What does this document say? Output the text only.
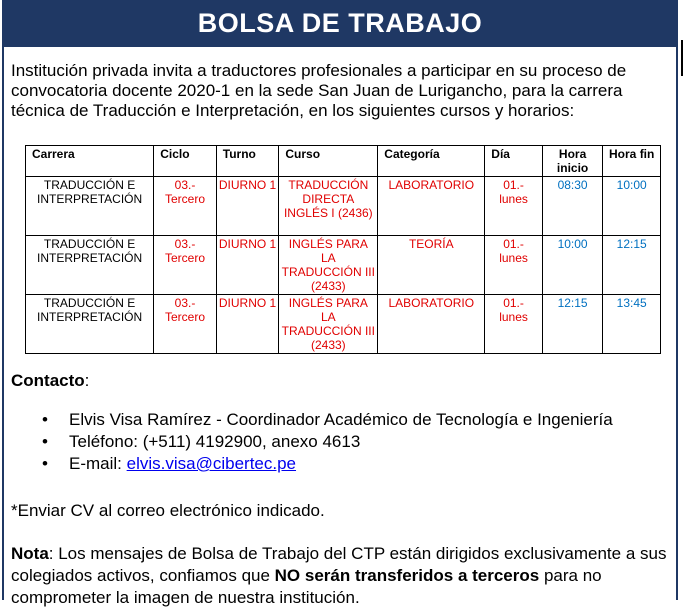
BOLSA DE TRABAJO
Institución privada invita a traductores profesionales a participar en su proceso de convocatoria docente 2020-1 en la sede San Juan de Lurigancho, para la carrera técnica de Traducción e Interpretación, en los siguientes cursos y horarios:
Carrera	Ciclo	Turno	Curso	Categoría	Día	Hora inicio	Hora fin
TRADUCCIÓN E INTERPRETACIÓN	03.- Tercero	DIURNO 1	TRADUCCIÓN DIRECTA INGLÉS I (2436)	LABORATORIO	01.- lunes	08:30	10:00
TRADUCCIÓN E INTERPRETACIÓN	03.- Tercero	DIURNO 1	INGLÉS PARA LA TRADUCCIÓN III (2433)	TEORÍA	01.- lunes	10:00	12:15
TRADUCCIÓN E INTERPRETACIÓN	03.- Tercero	DIURNO 1	INGLÉS PARA LA TRADUCCIÓN III (2433)	LABORATORIO	01.- lunes	12:15	13:45
Contacto:
• Elvis Visa Ramírez - Coordinador Académico de Tecnología e Ingeniería
• Teléfono: (+511) 4192900, anexo 4613
• E-mail: elvis.visa@cibertec.pe
*Enviar CV al correo electrónico indicado.
Nota: Los mensajes de Bolsa de Trabajo del CTP están dirigidos exclusivamente a sus colegiados activos, confiamos que NO serán transferidos a terceros para no comprometer la imagen de nuestra institución.
